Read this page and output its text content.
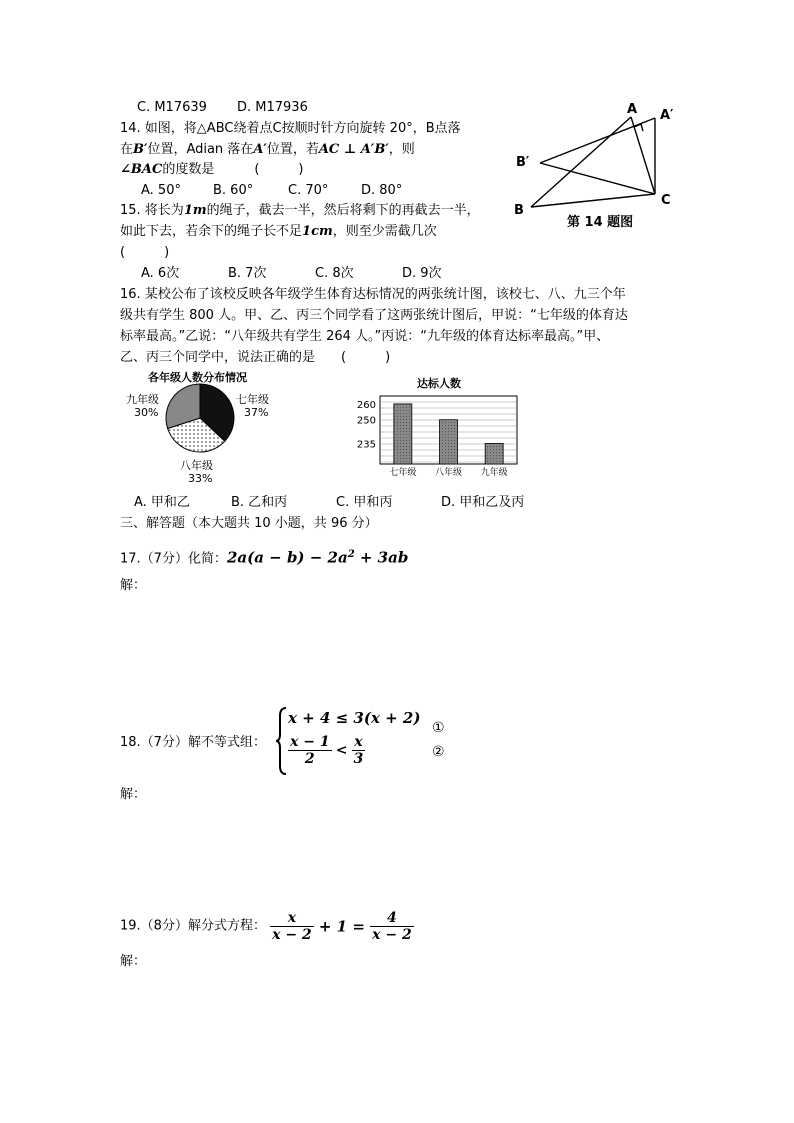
C. M17639 D. M17936
14. 如图，将△ABC绕着点C按顺时针方向旋转 20°，B点落
在B′位置，Adian 落在A′位置，若AC ⊥ A′B′，则
∠BAC的度数是	(　　　)
A. 50° B. 60°	C. 70°	D. 80°
A A′
B′
B
C
第 14 题图
15. 将长为1m的绳子，截去一半，然后将剩下的再截去一半，
如此下去，若余下的绳子长不足1cm，则至少需截几次
(　　　)
A. 6次	B. 7次	C. 8次	D. 9次
16. 某校公布了该校反映各年级学生体育达标情况的两张统计图，该校七、八、九三个年
级共有学生 800 人。甲、乙、丙三个同学看了这两张统计图后，甲说：“七年级的体育达
标率最高。”乙说：“八年级共有学生 264 人。”丙说：“九年级的体育达标率最高。”甲、
乙、丙三个同学中，说法正确的是　　(　　　)
各年级人数分布情况
七年级
37%
九年级
30%
八年级
33%
达标人数
235
250
260
七年级 八年级 九年级
A. 甲和乙	B. 乙和丙	C. 甲和丙	D. 甲和乙及丙
三、解答题（本大题共 10 小题，共 96 分）
17.（7分）化简：$2a(a - b) - 2a^2 + 3ab$
解：
18.（7分）解不等式组：
x + 4 ≤ 3(x + 2)
$\frac{x - 1}{2} < \frac{x}{3}$
①
②
解：
19.（8分）解分式方程： $\frac{x}{x - 2} + 1 = \frac{4}{x - 2}$
解：
